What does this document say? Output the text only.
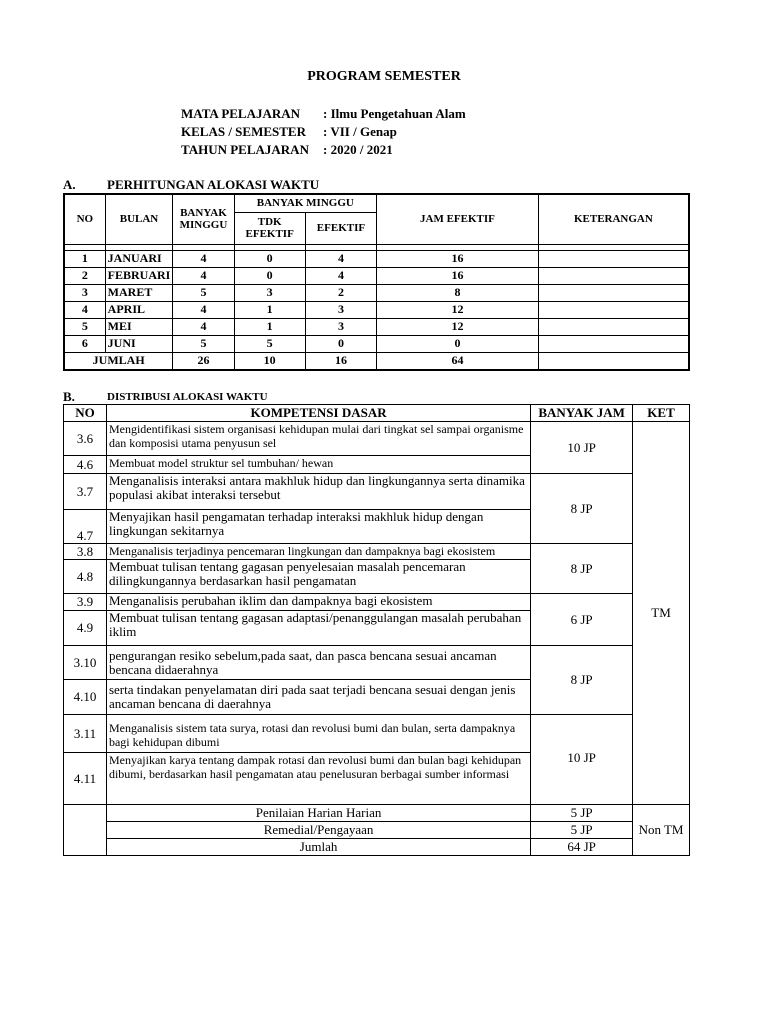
PROGRAM SEMESTER
MATA PELAJARAN : Ilmu Pengetahuan Alam
KELAS / SEMESTER : VII / Genap
TAHUN PELAJARAN : 2020 / 2021
A. PERHITUNGAN ALOKASI WAKTU
NO	BULAN	BANYAK MINGGU	BANYAK MINGGU		JAM EFEKTIF	KETERANGAN
			TDK EFEKTIF	EFEKTIF		

1	JANUARI	4	0	4	16	
2	FEBRUARI	4	0	4	16	
3	MARET	5	3	2	8	
4	APRIL	4	1	3	12	
5	MEI	4	1	3	12	
6	JUNI	5	5	0	0	
JUMLAH		26	10	16	64	
B.	DISTRIBUSI ALOKASI WAKTU
NO	KOMPETENSI DASAR	BANYAK JAM	KET
3.6	Mengidentifikasi sistem organisasi kehidupan mulai dari tingkat sel sampai organisme dan komposisi utama penyusun sel	10 JP	TM
4.6	Membuat model struktur sel tumbuhan/ hewan		
3.7	Menganalisis interaksi antara makhluk hidup dan lingkungannya serta dinamika populasi akibat interaksi tersebut	8 JP	
4.7	Menyajikan hasil pengamatan terhadap interaksi makhluk hidup dengan lingkungan sekitarnya		
3.8	Menganalisis terjadinya pencemaran lingkungan dan dampaknya bagi ekosistem	8 JP	
4.8	Membuat tulisan tentang gagasan penyelesaian masalah pencemaran dilingkungannya berdasarkan hasil pengamatan		
3.9	Menganalisis perubahan iklim dan dampaknya bagi ekosistem	6 JP	
4.9	Membuat tulisan tentang gagasan adaptasi/penanggulangan masalah perubahan iklim		
3.10	pengurangan resiko sebelum,pada saat, dan pasca bencana sesuai ancaman bencana didaerahnya	8 JP	
4.10	serta tindakan penyelamatan diri pada saat terjadi bencana sesuai dengan jenis ancaman bencana di daerahnya		
3.11	Menganalisis sistem tata surya, rotasi dan revolusi bumi dan bulan, serta dampaknya bagi kehidupan dibumi	10 JP	
4.11	Menyajikan karya tentang dampak rotasi dan revolusi bumi dan bulan bagi kehidupan dibumi, berdasarkan hasil pengamatan atau penelusuran berbagai sumber informasi		
	Penilaian Harian Harian	5 JP	Non TM
	Remedial/Pengayaan	5 JP	
	Jumlah	64 JP	
